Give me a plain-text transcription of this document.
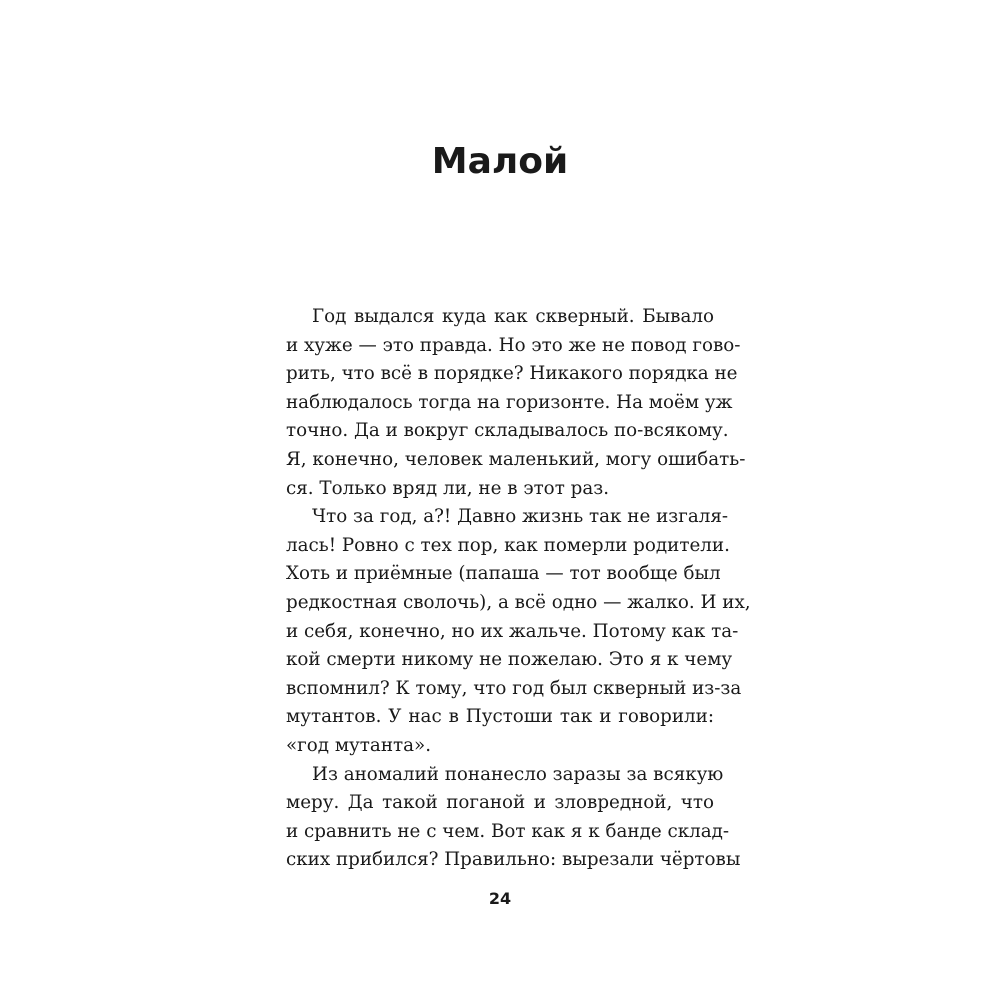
Малой
Год выдался куда как скверный. Бывало
и хуже — это правда. Но это же не повод гово-
рить, что всё в порядке? Никакого порядка не
наблюдалось тогда на горизонте. На моём уж
точно. Да и вокруг складывалось по-всякому.
Я, конечно, человек маленький, могу ошибать-
ся. Только вряд ли, не в этот раз.
Что за год, а?! Давно жизнь так не изгаля-
лась! Ровно с тех пор, как померли родители.
Хоть и приёмные (папаша — тот вообще был
редкостная сволочь), а всё одно — жалко. И их,
и себя, конечно, но их жальче. Потому как та-
кой смерти никому не пожелаю. Это я к чему
вспомнил? К тому, что год был скверный из-за
мутантов. У нас в Пустоши так и говорили:
«год мутанта».
Из аномалий понанесло заразы за всякую
меру. Да такой поганой и зловредной, что
и сравнить не с чем. Вот как я к банде склад-
ских прибился? Правильно: вырезали чёртовы
24
